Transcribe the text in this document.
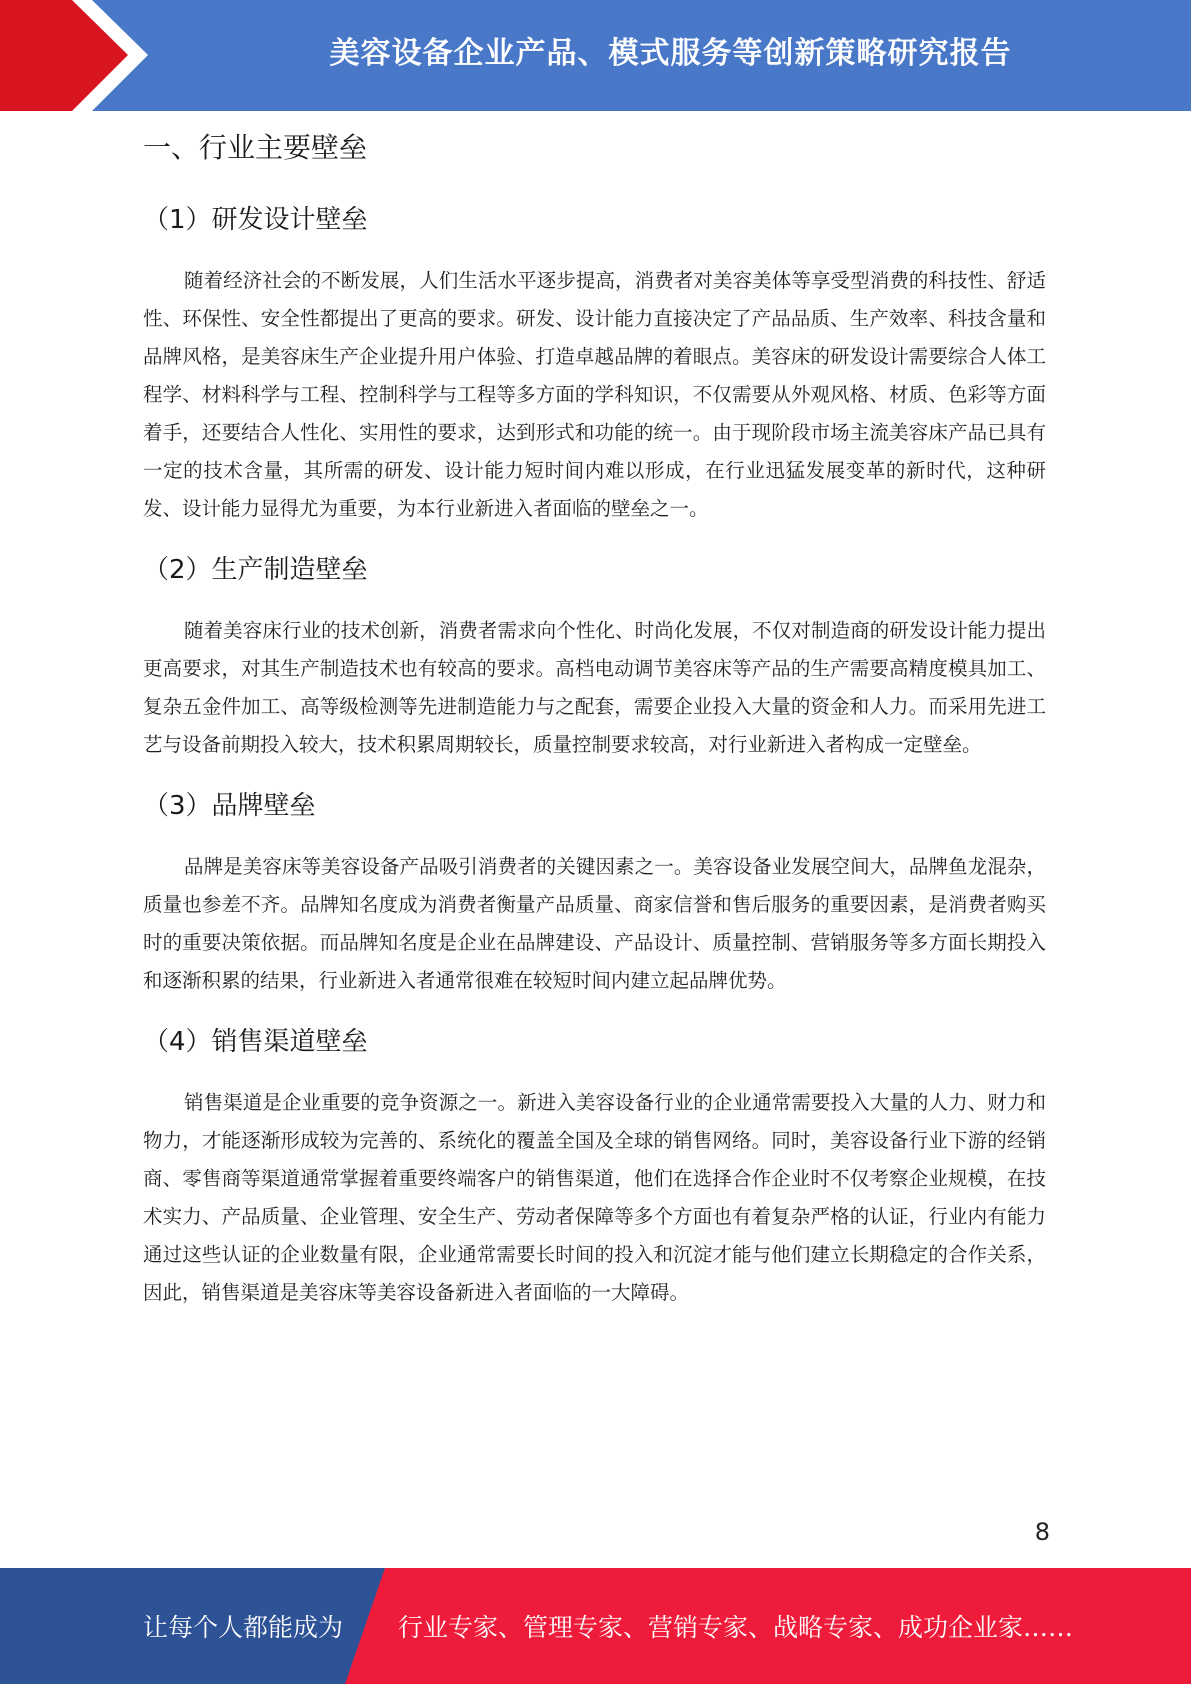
美容设备企业产品、模式服务等创新策略研究报告
一、行业主要壁垒
（1）研发设计壁垒

随着经济社会的不断发展，人们生活水平逐步提高，消费者对美容美体等享受型消费的科技性、舒适性、环保性、安全性都提出了更高的要求。研发、设计能力直接决定了产品品质、生产效率、科技含量和品牌风格，是美容床生产企业提升用户体验、打造卓越品牌的着眼点。美容床的研发设计需要综合人体工程学、材料科学与工程、控制科学与工程等多方面的学科知识，不仅需要从外观风格、材质、色彩等方面着手，还要结合人性化、实用性的要求，达到形式和功能的统一。由于现阶段市场主流美容床产品已具有一定的技术含量，其所需的研发、设计能力短时间内难以形成，在行业迅猛发展变革的新时代，这种研发、设计能力显得尤为重要，为本行业新进入者面临的壁垒之一。

（2）生产制造壁垒

随着美容床行业的技术创新，消费者需求向个性化、时尚化发展，不仅对制造商的研发设计能力提出更高要求，对其生产制造技术也有较高的要求。高档电动调节美容床等产品的生产需要高精度模具加工、复杂五金件加工、高等级检测等先进制造能力与之配套，需要企业投入大量的资金和人力。而采用先进工艺与设备前期投入较大，技术积累周期较长，质量控制要求较高，对行业新进入者构成一定壁垒。

（3）品牌壁垒

品牌是美容床等美容设备产品吸引消费者的关键因素之一。美容设备业发展空间大，品牌鱼龙混杂，质量也参差不齐。品牌知名度成为消费者衡量产品质量、商家信誉和售后服务的重要因素，是消费者购买时的重要决策依据。而品牌知名度是企业在品牌建设、产品设计、质量控制、营销服务等多方面长期投入和逐渐积累的结果，行业新进入者通常很难在较短时间内建立起品牌优势。

（4）销售渠道壁垒

销售渠道是企业重要的竞争资源之一。新进入美容设备行业的企业通常需要投入大量的人力、财力和物力，才能逐渐形成较为完善的、系统化的覆盖全国及全球的销售网络。同时，美容设备行业下游的经销商、零售商等渠道通常掌握着重要终端客户的销售渠道，他们在选择合作企业时不仅考察企业规模，在技术实力、产品质量、企业管理、安全生产、劳动者保障等多个方面也有着复杂严格的认证，行业内有能力通过这些认证的企业数量有限，企业通常需要长时间的投入和沉淀才能与他们建立长期稳定的合作关系，因此，销售渠道是美容床等美容设备新进入者面临的一大障碍。

8
让每个人都能成为 行业专家、管理专家、营销专家、战略专家、成功企业家……
